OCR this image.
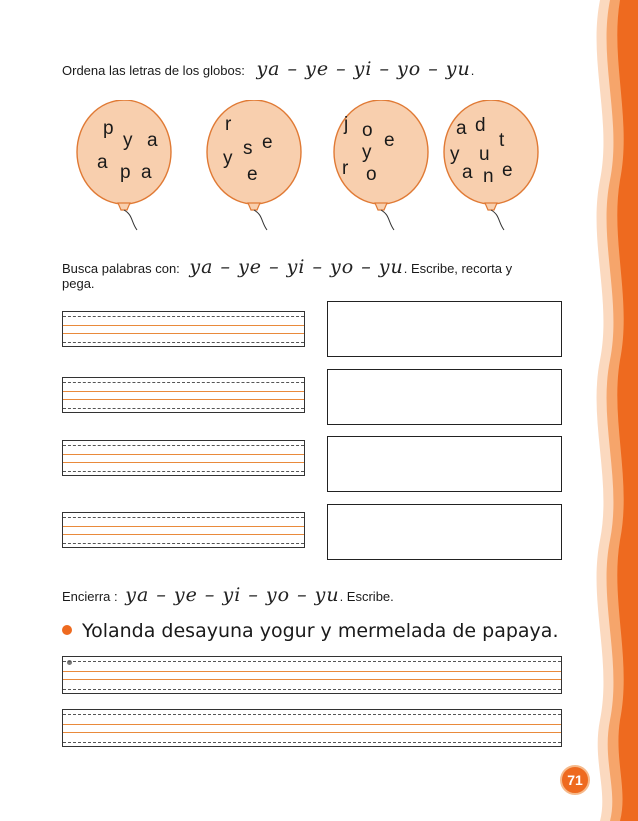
Ordena las letras de los globos: ya – ye – yi – yo – yu.
p
y a
a p a
r
s e
y
e
j o e
y
r o
a d
t
y u
a n e
Busca palabras con: ya – ye – yi – yo – yu. Escribe, recorta y
pega.
Encierra : ya – ye – yi – yo – yu. Escribe.
Yolanda desayuna yogur y mermelada de papaya.
71
